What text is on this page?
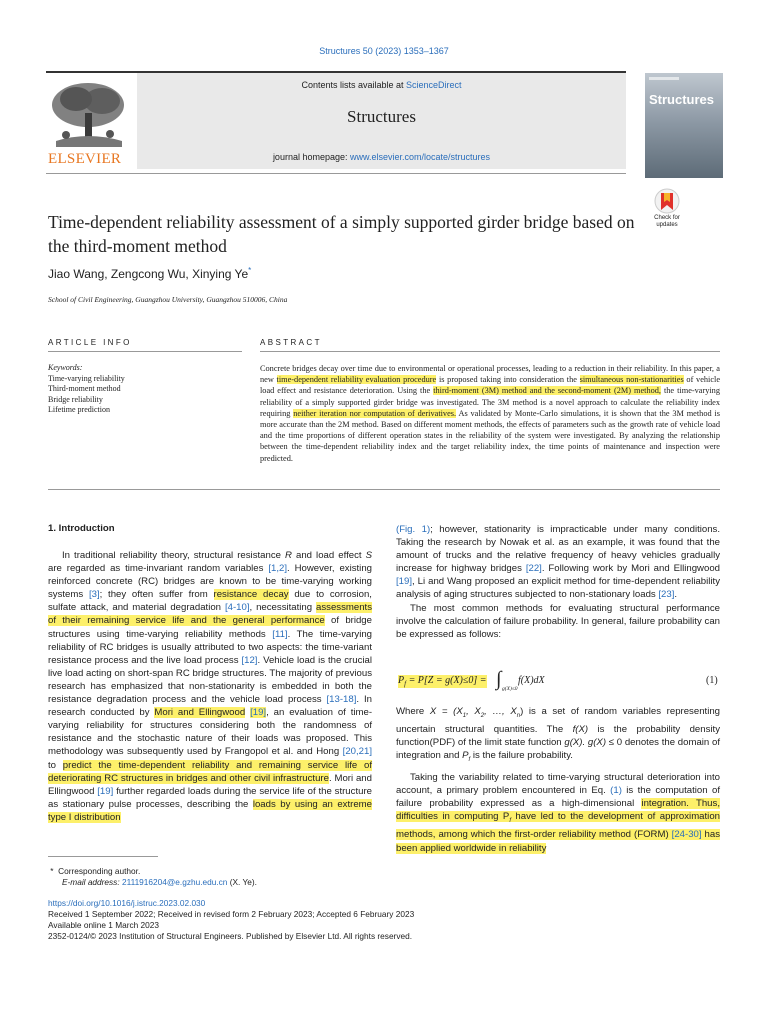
Structures 50 (2023) 1353–1367
Contents lists available at ScienceDirect
Structures
journal homepage: www.elsevier.com/locate/structures
ELSEVIER
Structures
Check for
updates
Time-dependent reliability assessment of a simply supported girder bridge based on the third-moment method
Jiao Wang, Zengcong Wu, Xinying Ye*
School of Civil Engineering, Guangzhou University, Guangzhou 510006, China
ARTICLE INFO	ABSTRACT
Keywords:
Time-varying reliability
Third-moment method
Bridge reliability
Lifetime prediction
Concrete bridges decay over time due to environmental or operational processes, leading to a reduction in their reliability. In this paper, a new time-dependent reliability evaluation procedure is proposed taking into consideration the simultaneous non-stationarities of vehicle load effect and resistance deterioration. Using the third-moment (3M) method and the second-moment (2M) method, the time-varying reliability of a simply supported girder bridge was investigated. The 3M method is a novel approach to calculate the reliability index requiring neither iteration nor computation of derivatives. As validated by Monte-Carlo simulations, it is shown that the 3M method is more accurate than the 2M method. Based on different moment methods, the effects of parameters such as the growth rate of vehicle load and the time proportions of different operation states in the reliability of the system were investigated. By analyzing the relationship between the time-dependent reliability index and the target reliability index, the time points of maintenance and inspection were predicted.
1. Introduction

In traditional reliability theory, structural resistance R and load effect S are regarded as time-invariant random variables [1,2]. However, existing reinforced concrete (RC) bridges are known to be time-varying working systems [3]; they often suffer from resistance decay due to corrosion, sulfate attack, and material degradation [4-10], necessitating assessments of their remaining service life and the general performance of bridge structures using time-varying reliability methods [11]. The time-varying reliability of RC bridges is usually attributed to two aspects: the time-variant resistance process and the live load process [12]. Vehicle load is the crucial live load acting on short-span RC bridge structures. The majority of previous research has emphasized that non-stationarity is embedded in both the resistance degradation process and the vehicle load process [13-18]. In research conducted by Mori and Ellingwood [19], an evaluation of time-varying reliability for structures considering both the randomness of resistance and the stochastic nature of their loads was proposed. This methodology was subsequently used by Frangopol et al. and Hong [20,21] to predict the time-dependent reliability and remaining service life of deteriorating RC structures in bridges and other civil infrastructure. Mori and Ellingwood [19] further regarded loads during the service life of the structure as stationary pulse processes, describing the loads by using an extreme type I distribution

(Fig. 1); however, stationarity is impracticable under many conditions. Taking the research by Nowak et al. as an example, it was found that the amount of trucks and the relative frequency of heavy vehicles gradually increase for highway bridges [22]. Following work by Mori and Ellingwood [19], Li and Wang proposed an explicit method for time-dependent reliability analysis of aging structures subjected to non-stationary loads [23].

The most common methods for evaluating structural performance involve the calculation of failure probability. In general, failure probability can be expressed as follows:

$P_f = P[Z = g(X)\le 0]$ = ∫ g(X)≤0
f(X)dX	(1)

Where $X = (X_1$, $X_2$, …, $X_n$) is a set of random variables representing uncertain structural quantities. The f(X) is the probability density function(PDF) of the limit state function g(X). g(X) ≤ 0 denotes the domain of integration and $P_f$ is the failure probability.

Taking the variability related to time-varying structural deterioration into account, a primary problem encountered in Eq. (1) is the computation of failure probability expressed as a high-dimensional integration. Thus, difficulties in computing $P_f$ have led to the development of approximation methods, among which the first-order reliability method (FORM) [24-30] has been applied worldwide in reliability

*  Corresponding author.
E-mail address: 2111916204@e.gzhu.edu.cn (X. Ye).
https://doi.org/10.1016/j.istruc.2023.02.030
Received 1 September 2022; Received in revised form 2 February 2023; Accepted 6 February 2023
Available online 1 March 2023
2352-0124/© 2023 Institution of Structural Engineers. Published by Elsevier Ltd. All rights reserved.
